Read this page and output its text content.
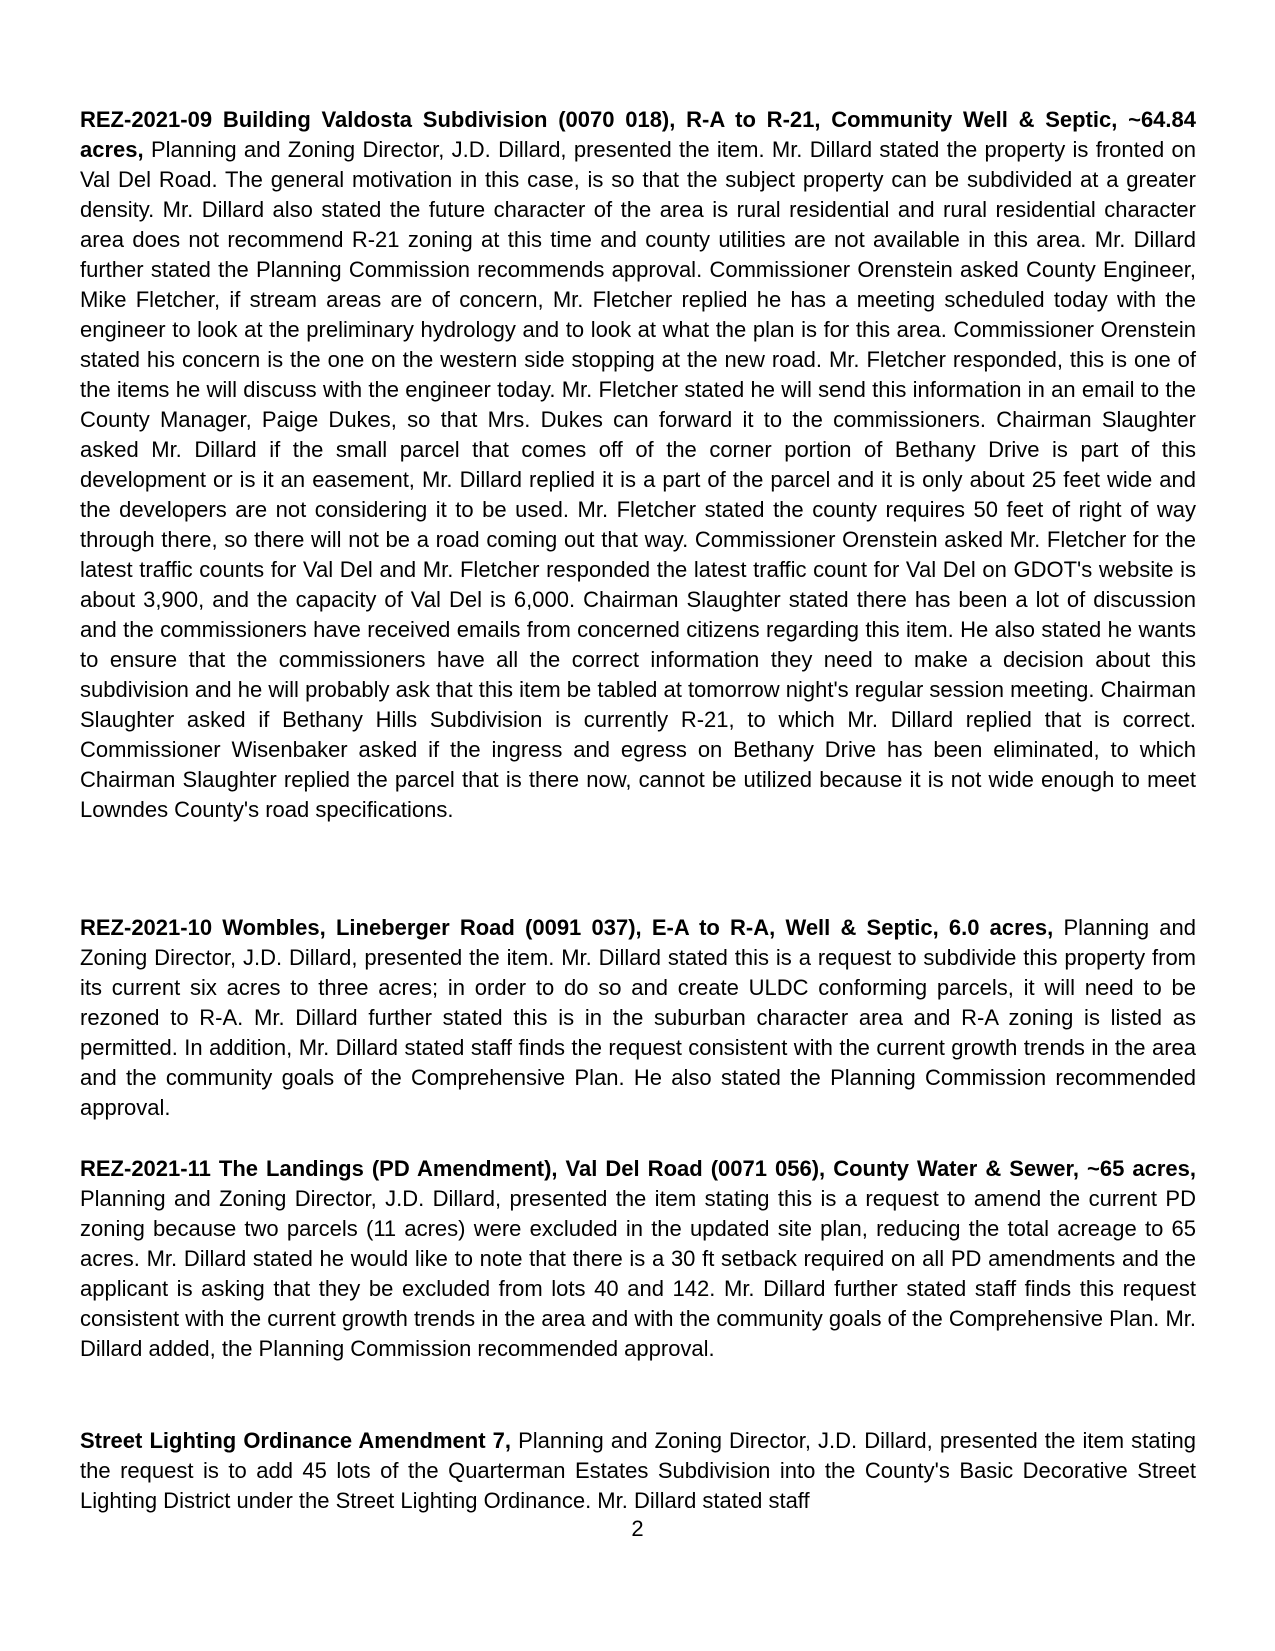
REZ-2021-09 Building Valdosta Subdivision (0070 018), R-A to R-21, Community Well & Septic, ~64.84 acres, Planning and Zoning Director, J.D. Dillard, presented the item. Mr. Dillard stated the property is fronted on Val Del Road. The general motivation in this case, is so that the subject property can be subdivided at a greater density. Mr. Dillard also stated the future character of the area is rural residential and rural residential character area does not recommend R-21 zoning at this time and county utilities are not available in this area. Mr. Dillard further stated the Planning Commission recommends approval. Commissioner Orenstein asked County Engineer, Mike Fletcher, if stream areas are of concern, Mr. Fletcher replied he has a meeting scheduled today with the engineer to look at the preliminary hydrology and to look at what the plan is for this area. Commissioner Orenstein stated his concern is the one on the western side stopping at the new road. Mr. Fletcher responded, this is one of the items he will discuss with the engineer today. Mr. Fletcher stated he will send this information in an email to the County Manager, Paige Dukes, so that Mrs. Dukes can forward it to the commissioners. Chairman Slaughter asked Mr. Dillard if the small parcel that comes off of the corner portion of Bethany Drive is part of this development or is it an easement, Mr. Dillard replied it is a part of the parcel and it is only about 25 feet wide and the developers are not considering it to be used. Mr. Fletcher stated the county requires 50 feet of right of way through there, so there will not be a road coming out that way. Commissioner Orenstein asked Mr. Fletcher for the latest traffic counts for Val Del and Mr. Fletcher responded the latest traffic count for Val Del on GDOT's website is about 3,900, and the capacity of Val Del is 6,000. Chairman Slaughter stated there has been a lot of discussion and the commissioners have received emails from concerned citizens regarding this item. He also stated he wants to ensure that the commissioners have all the correct information they need to make a decision about this subdivision and he will probably ask that this item be tabled at tomorrow night's regular session meeting. Chairman Slaughter asked if Bethany Hills Subdivision is currently R-21, to which Mr. Dillard replied that is correct. Commissioner Wisenbaker asked if the ingress and egress on Bethany Drive has been eliminated, to which Chairman Slaughter replied the parcel that is there now, cannot be utilized because it is not wide enough to meet Lowndes County's road specifications.

REZ-2021-10 Wombles, Lineberger Road (0091 037), E-A to R-A, Well & Septic, 6.0 acres, Planning and Zoning Director, J.D. Dillard, presented the item. Mr. Dillard stated this is a request to subdivide this property from its current six acres to three acres; in order to do so and create ULDC conforming parcels, it will need to be rezoned to R-A. Mr. Dillard further stated this is in the suburban character area and R-A zoning is listed as permitted. In addition, Mr. Dillard stated staff finds the request consistent with the current growth trends in the area and the community goals of the Comprehensive Plan. He also stated the Planning Commission recommended approval.

REZ-2021-11 The Landings (PD Amendment), Val Del Road (0071 056), County Water & Sewer, ~65 acres, Planning and Zoning Director, J.D. Dillard, presented the item stating this is a request to amend the current PD zoning because two parcels (11 acres) were excluded in the updated site plan, reducing the total acreage to 65 acres. Mr. Dillard stated he would like to note that there is a 30 ft setback required on all PD amendments and the applicant is asking that they be excluded from lots 40 and 142. Mr. Dillard further stated staff finds this request consistent with the current growth trends in the area and with the community goals of the Comprehensive Plan. Mr. Dillard added, the Planning Commission recommended approval.

Street Lighting Ordinance Amendment 7, Planning and Zoning Director, J.D. Dillard, presented the item stating the request is to add 45 lots of the Quarterman Estates Subdivision into the County's Basic Decorative Street Lighting District under the Street Lighting Ordinance. Mr. Dillard stated staff

2
